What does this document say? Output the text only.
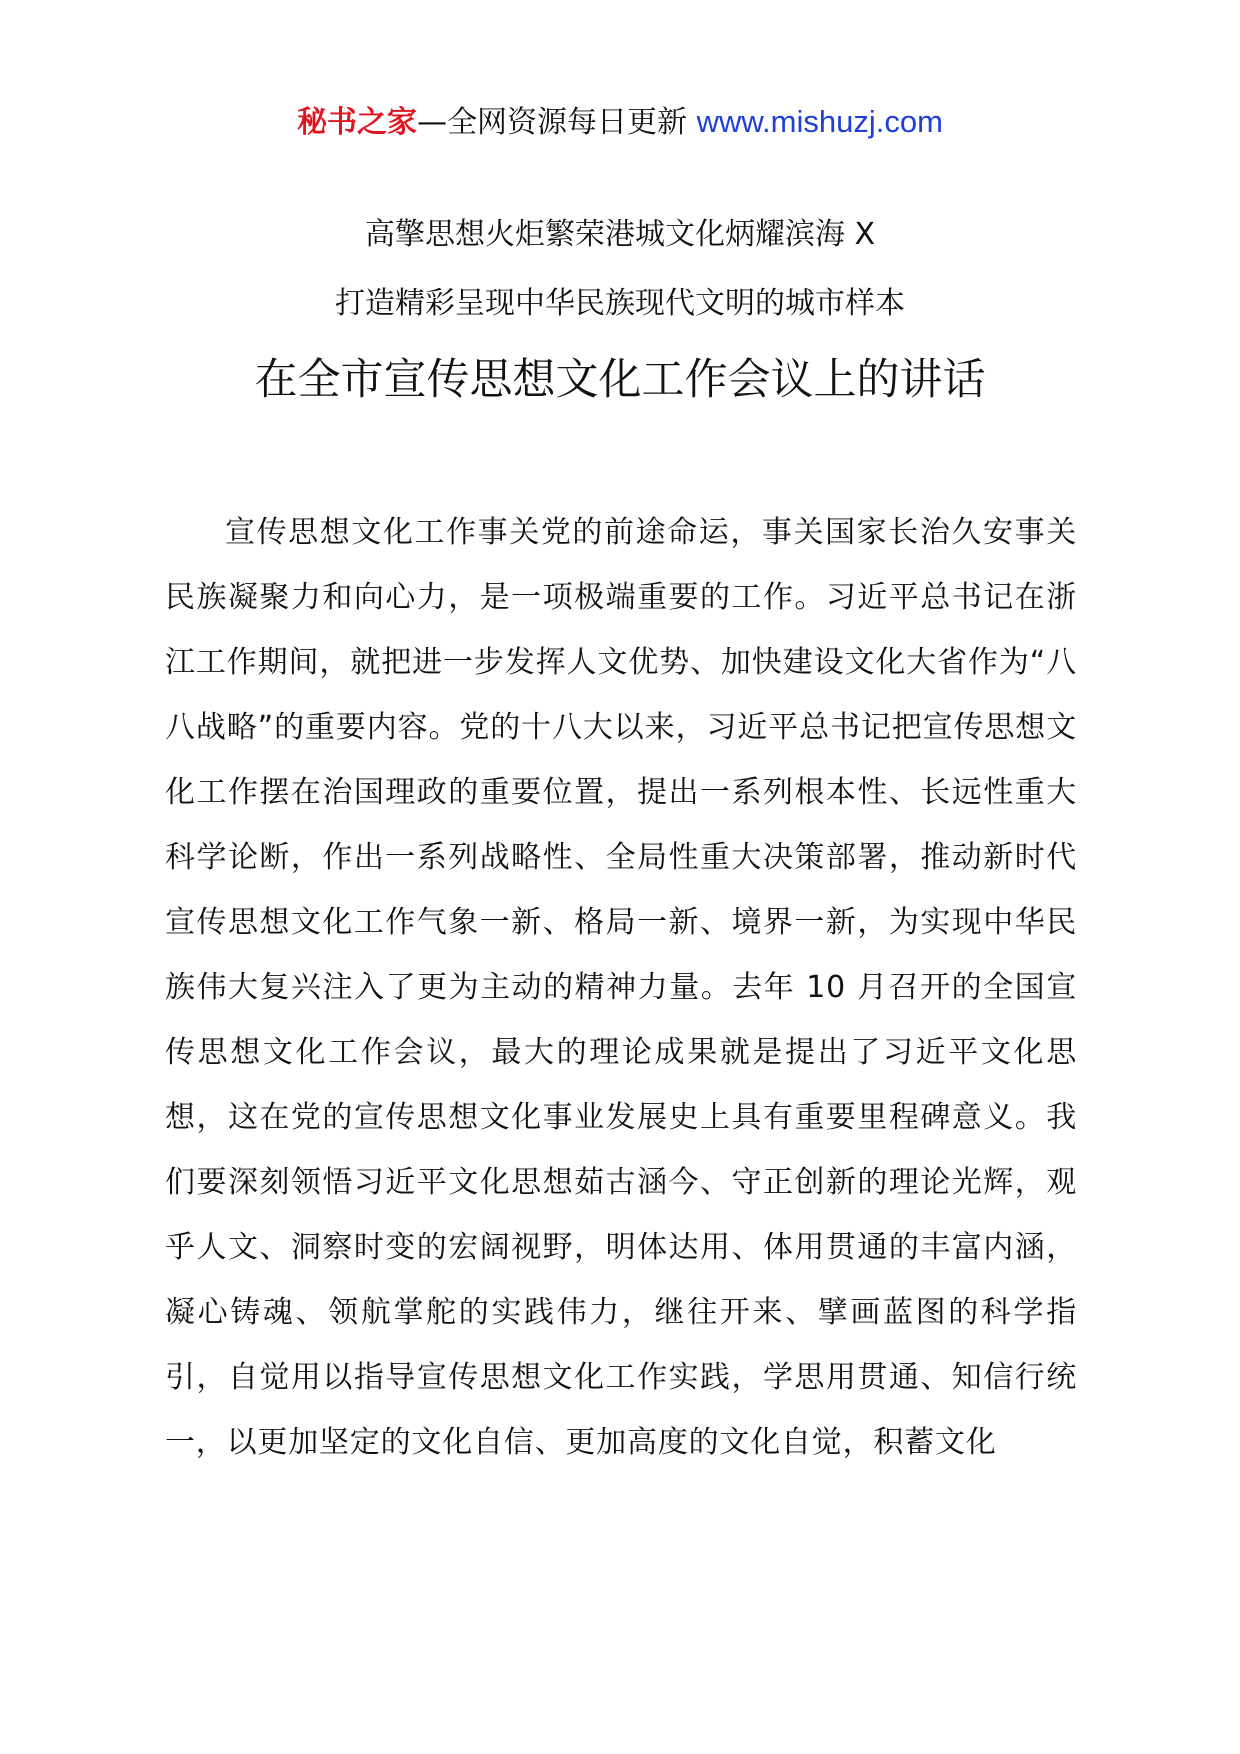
秘书之家—全网资源每日更新 www.mishuzj.com
高擎思想火炬繁荣港城文化炳耀滨海 X
打造精彩呈现中华民族现代文明的城市样本
在全市宣传思想文化工作会议上的讲话

宣传思想文化工作事关党的前途命运，事关国家长治久安事关民族凝聚力和向心力，是一项极端重要的工作。习近平总书记在浙江工作期间，就把进一步发挥人文优势、加快建设文化大省作为“八八战略”的重要内容。党的十八大以来，习近平总书记把宣传思想文化工作摆在治国理政的重要位置，提出一系列根本性、长远性重大科学论断，作出一系列战略性、全局性重大决策部署，推动新时代宣传思想文化工作气象一新、格局一新、境界一新，为实现中华民族伟大复兴注入了更为主动的精神力量。去年 10 月召开的全国宣传思想文化工作会议，最大的理论成果就是提出了习近平文化思想，这在党的宣传思想文化事业发展史上具有重要里程碑意义。我们要深刻领悟习近平文化思想茹古涵今、守正创新的理论光辉，观乎人文、洞察时变的宏阔视野，明体达用、体用贯通的丰富内涵，凝心铸魂、领航掌舵的实践伟力，继往开来、擘画蓝图的科学指引，自觉用以指导宣传思想文化工作实践，学思用贯通、知信行统一，以更加坚定的文化自信、更加高度的文化自觉，积蓄文化
